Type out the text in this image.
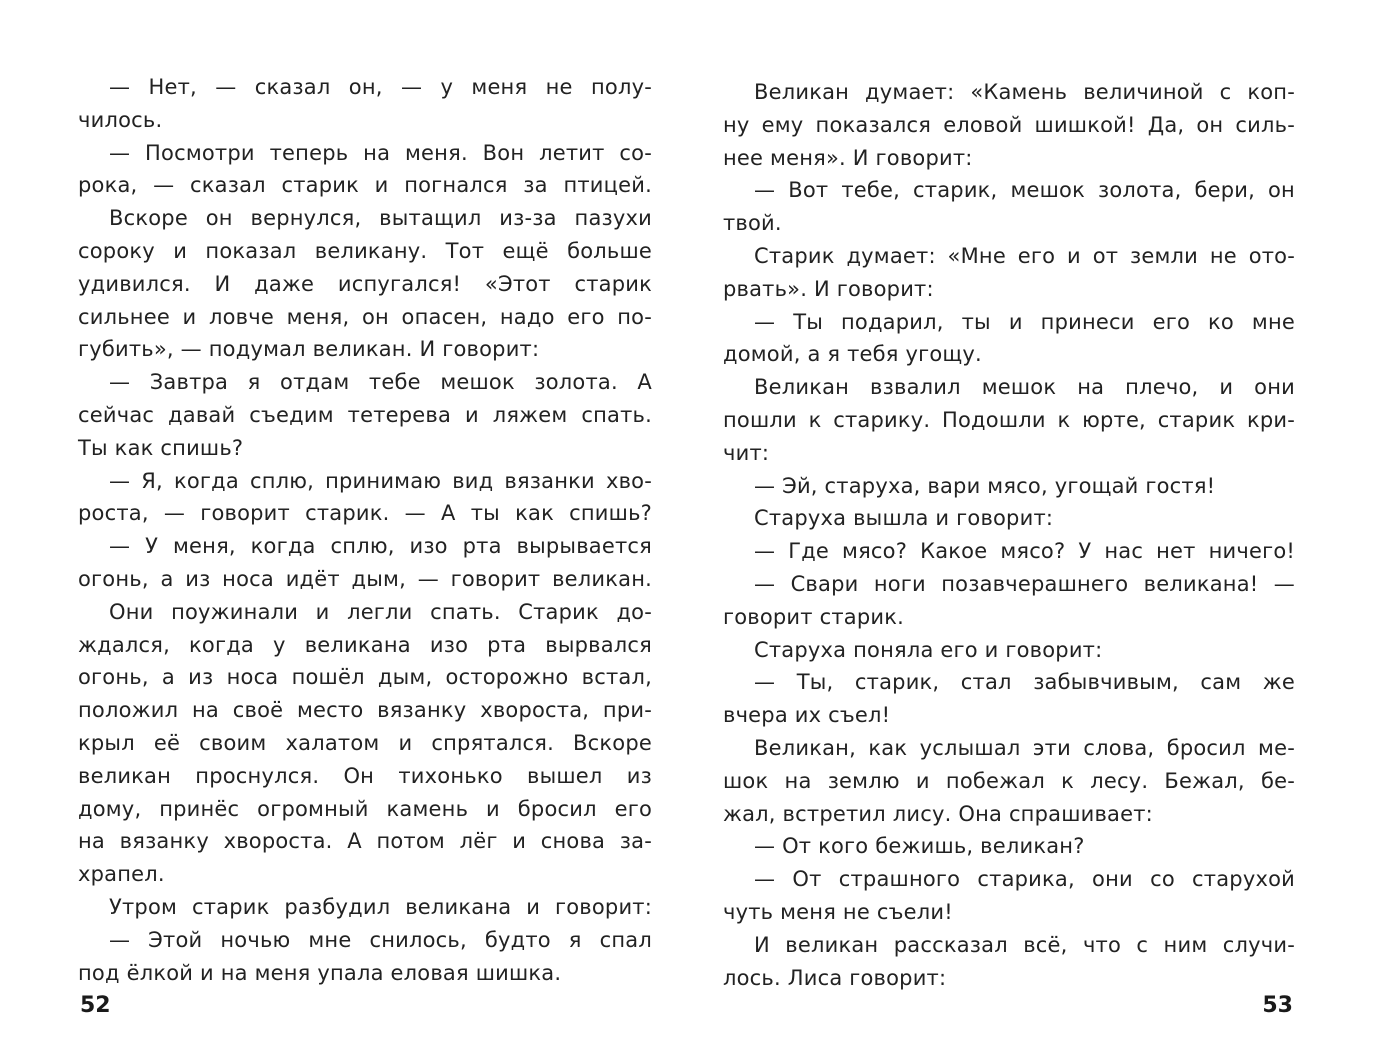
— Нет, — сказал он, — у меня не полу-
чилось.
— Посмотри теперь на меня. Вон летит со-
рока, — сказал старик и погнался за птицей.
Вскоре он вернулся, вытащил из-за пазухи
сороку и показал великану. Тот ещё больше
удивился. И даже испугался! «Этот старик
сильнее и ловче меня, он опасен, надо его по-
губить», — подумал великан. И говорит:
— Завтра я отдам тебе мешок золота. А
сейчас давай съедим тетерева и ляжем спать.
Ты как спишь?
— Я, когда сплю, принимаю вид вязанки хво-
роста, — говорит старик. — А ты как спишь?
— У меня, когда сплю, изо рта вырывается
огонь, а из носа идёт дым, — говорит великан.
Они поужинали и легли спать. Старик до-
ждался, когда у великана изо рта вырвался
огонь, а из носа пошёл дым, осторожно встал,
положил на своё место вязанку хвороста, при-
крыл её своим халатом и спрятался. Вскоре
великан проснулся. Он тихонько вышел из
дому, принёс огромный камень и бросил его
на вязанку хвороста. А потом лёг и снова за-
храпел.
Утром старик разбудил великана и говорит:
— Этой ночью мне снилось, будто я спал
под ёлкой и на меня упала еловая шишка.
52
Великан думает: «Камень величиной с коп-
ну ему показался еловой шишкой! Да, он силь-
нее меня». И говорит:
— Вот тебе, старик, мешок золота, бери, он
твой.
Старик думает: «Мне его и от земли не ото-
рвать». И говорит:
— Ты подарил, ты и принеси его ко мне
домой, а я тебя угощу.
Великан взвалил мешок на плечо, и они
пошли к старику. Подошли к юрте, старик кри-
чит:
— Эй, старуха, вари мясо, угощай гостя!
Старуха вышла и говорит:
— Где мясо? Какое мясо? У нас нет ничего!
— Свари ноги позавчерашнего великана! —
говорит старик.
Старуха поняла его и говорит:
— Ты, старик, стал забывчивым, сам же
вчера их съел!
Великан, как услышал эти слова, бросил ме-
шок на землю и побежал к лесу. Бежал, бе-
жал, встретил лису. Она спрашивает:
— От кого бежишь, великан?
— От страшного старика, они со старухой
чуть меня не съели!
И великан рассказал всё, что с ним случи-
лось. Лиса говорит:
53
